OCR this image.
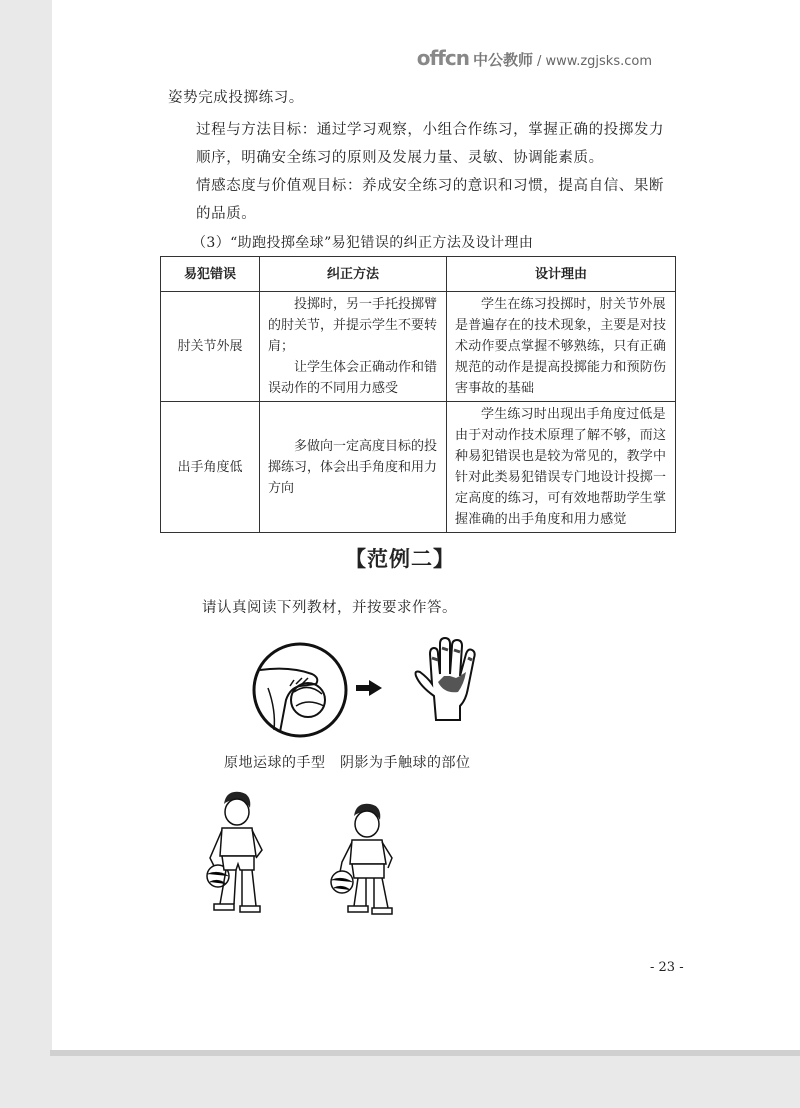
offcn 中公教师 / www.zgjsks.com
姿势完成投掷练习。
过程与方法目标：通过学习观察，小组合作练习，掌握正确的投掷发力顺序，明确安全练习的原则及发展力量、灵敏、协调能素质。
情感态度与价值观目标：养成安全练习的意识和习惯，提高自信、果断的品质。
（3）“助跑投掷垒球”易犯错误的纠正方法及设计理由
易犯错误	纠正方法	设计理由
肘关节外展	投掷时，另一手托投掷臂的肘关节，并提示学生不要转肩；
让学生体会正确动作和错误动作的不同用力感受	学生在练习投掷时，肘关节外展是普遍存在的技术现象，主要是对技术动作要点掌握不够熟练，只有正确规范的动作是提高投掷能力和预防伤害事故的基础

出手角度低	多做向一定高度目标的投掷练习，体会出手角度和用力方向	学生练习时出现出手角度过低是由于对动作技术原理了解不够，而这种易犯错误也是较为常见的，教学中针对此类易犯错误专门地设计投掷一定高度的练习，可有效地帮助学生掌握准确的出手角度和用力感觉
【范例二】
请认真阅读下列教材，并按要求作答。
原地运球的手型　阴影为手触球的部位
- 23 -
